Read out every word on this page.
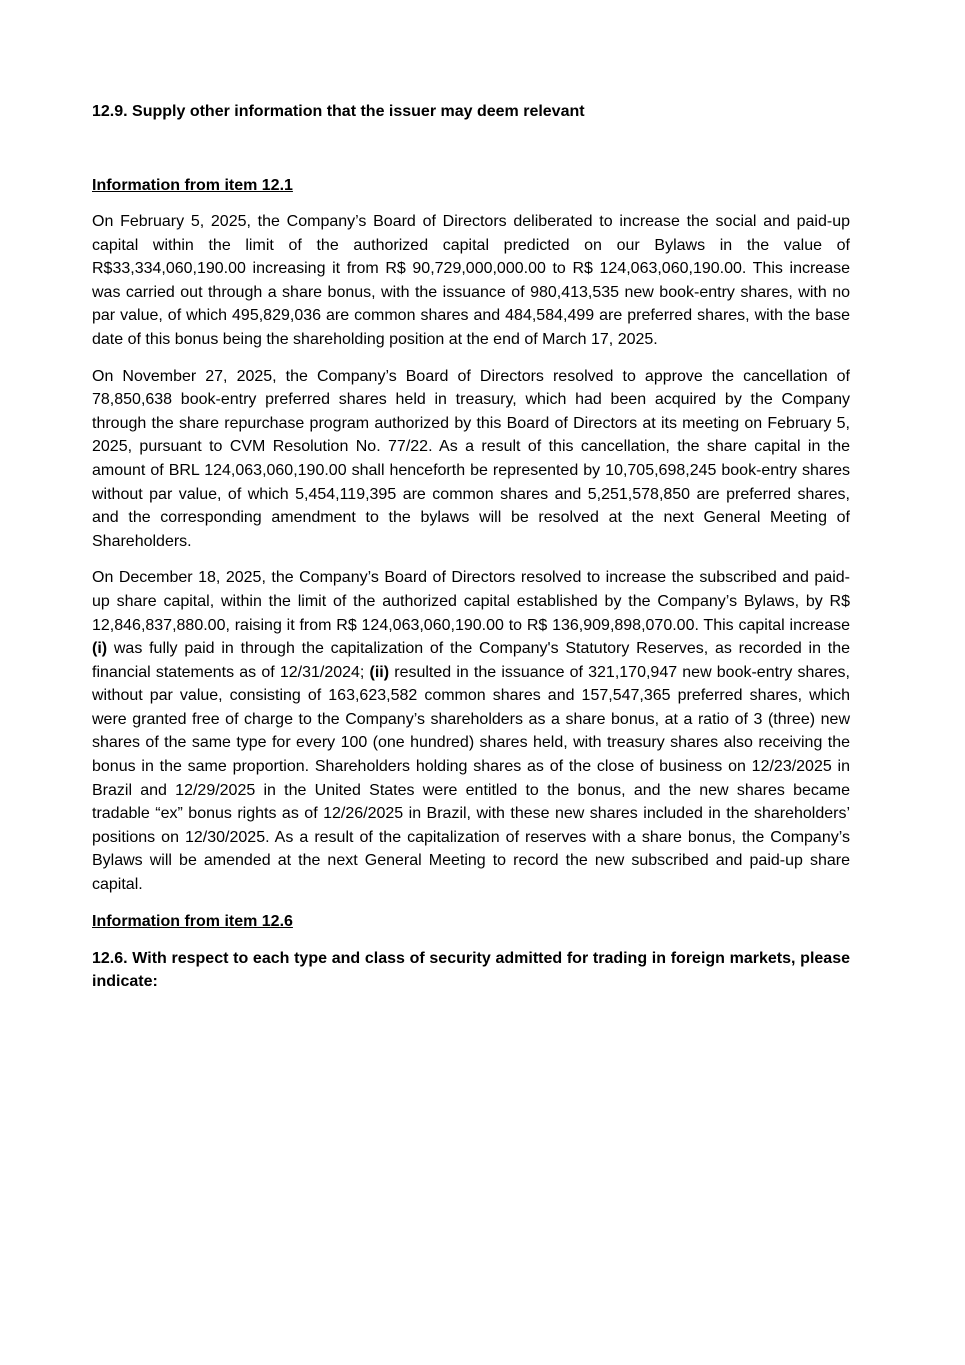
12.9. Supply other information that the issuer may deem relevant

Information from item 12.1

On February 5, 2025, the Company’s Board of Directors deliberated to increase the social and paid-up capital within the limit of the authorized capital predicted on our Bylaws in the value of R$33,334,060,190.00 increasing it from R$ 90,729,000,000.00 to R$ 124,063,060,190.00. This increase was carried out through a share bonus, with the issuance of 980,413,535 new book-entry shares, with no par value, of which 495,829,036 are common shares and 484,584,499 are preferred shares, with the base date of this bonus being the shareholding position at the end of March 17, 2025.

On November 27, 2025, the Company’s Board of Directors resolved to approve the cancellation of 78,850,638 book-entry preferred shares held in treasury, which had been acquired by the Company through the share repurchase program authorized by this Board of Directors at its meeting on February 5, 2025, pursuant to CVM Resolution No. 77/22. As a result of this cancellation, the share capital in the amount of BRL 124,063,060,190.00 shall henceforth be represented by 10,705,698,245 book-entry shares without par value, of which 5,454,119,395 are common shares and 5,251,578,850 are preferred shares, and the corresponding amendment to the bylaws will be resolved at the next General Meeting of Shareholders.

On December 18, 2025, the Company’s Board of Directors resolved to increase the subscribed and paid-up share capital, within the limit of the authorized capital established by the Company’s Bylaws, by R$ 12,846,837,880.00, raising it from R$ 124,063,060,190.00 to R$ 136,909,898,070.00. This capital increase (i) was fully paid in through the capitalization of the Company's Statutory Reserves, as recorded in the financial statements as of 12/31/2024; (ii) resulted in the issuance of 321,170,947 new book-entry shares, without par value, consisting of 163,623,582 common shares and 157,547,365 preferred shares, which were granted free of charge to the Company’s shareholders as a share bonus, at a ratio of 3 (three) new shares of the same type for every 100 (one hundred) shares held, with treasury shares also receiving the bonus in the same proportion. Shareholders holding shares as of the close of business on 12/23/2025 in Brazil and 12/29/2025 in the United States were entitled to the bonus, and the new shares became tradable “ex” bonus rights as of 12/26/2025 in Brazil, with these new shares included in the shareholders’ positions on 12/30/2025. As a result of the capitalization of reserves with a share bonus, the Company’s Bylaws will be amended at the next General Meeting to record the new subscribed and paid-up share capital.

Information from item 12.6

12.6. With respect to each type and class of security admitted for trading in foreign markets, please indicate:
